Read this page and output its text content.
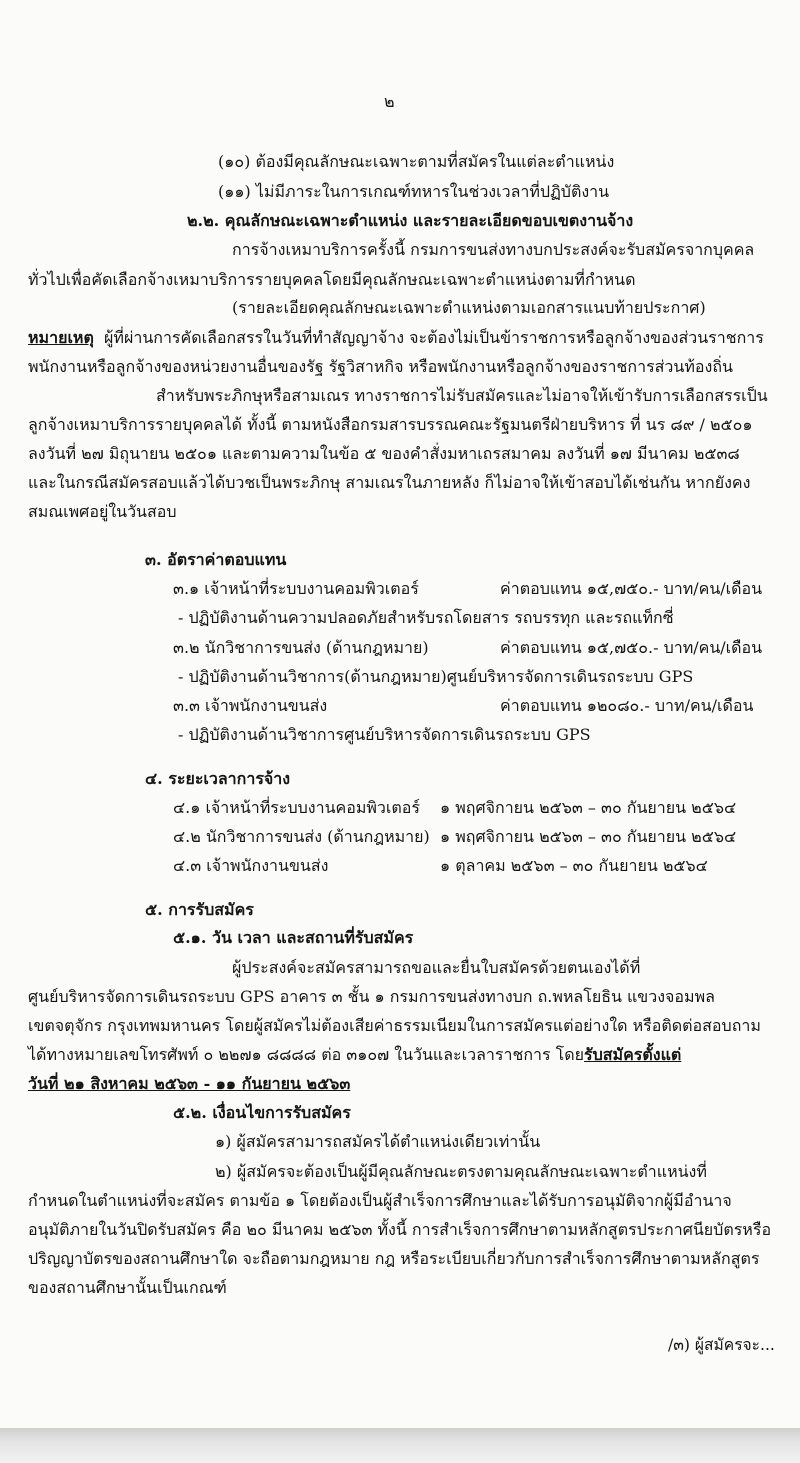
๒

(๑๐) ต้องมีคุณลักษณะเฉพาะตามที่สมัครในแต่ละตำแหน่ง

(๑๑) ไม่มีภาระในการเกณฑ์ทหารในช่วงเวลาที่ปฏิบัติงาน

๒.๒. คุณลักษณะเฉพาะตำแหน่ง และรายละเอียดขอบเขตงานจ้าง

การจ้างเหมาบริการครั้งนี้ กรมการขนส่งทางบกประสงค์จะรับสมัครจากบุคคล

ทั่วไปเพื่อคัดเลือกจ้างเหมาบริการรายบุคคลโดยมีคุณลักษณะเฉพาะตำแหน่งตามที่กำหนด

(รายละเอียดคุณลักษณะเฉพาะตำแหน่งตามเอกสารแนบท้ายประกาศ)

หมายเหตุ ผู้ที่ผ่านการคัดเลือกสรรในวันที่ทำสัญญาจ้าง จะต้องไม่เป็นข้าราชการหรือลูกจ้างของส่วนราชการ

พนักงานหรือลูกจ้างของหน่วยงานอื่นของรัฐ รัฐวิสาหกิจ หรือพนักงานหรือลูกจ้างของราชการส่วนท้องถิ่น

สำหรับพระภิกษุหรือสามเณร ทางราชการไม่รับสมัครและไม่อาจให้เข้ารับการเลือกสรรเป็น

ลูกจ้างเหมาบริการรายบุคคลได้ ทั้งนี้ ตามหนังสือกรมสารบรรณคณะรัฐมนตรีฝ่ายบริหาร ที่ นร ๘๙ / ๒๕๐๑

ลงวันที่ ๒๗ มิถุนายน ๒๕๐๑ และตามความในข้อ ๕ ของคำสั่งมหาเถรสมาคม ลงวันที่ ๑๗ มีนาคม ๒๕๓๘

และในกรณีสมัครสอบแล้วได้บวชเป็นพระภิกษุ สามเณรในภายหลัง ก็ไม่อาจให้เข้าสอบได้เช่นกัน หากยังคง

สมณเพศอยู่ในวันสอบ

๓. อัตราค่าตอบแทน

๓.๑ เจ้าหน้าที่ระบบงานคอมพิวเตอร์	ค่าตอบแทน ๑๕,๗๕๐.- บาท/คน/เดือน

- ปฏิบัติงานด้านความปลอดภัยสำหรับรถโดยสาร รถบรรทุก และรถแท็กซี่

๓.๒ นักวิชาการขนส่ง (ด้านกฎหมาย)	ค่าตอบแทน ๑๕,๗๕๐.- บาท/คน/เดือน

- ปฏิบัติงานด้านวิชาการ(ด้านกฎหมาย)ศูนย์บริหารจัดการเดินรถระบบ GPS

๓.๓ เจ้าพนักงานขนส่ง	ค่าตอบแทน ๑๒๐๘๐.- บาท/คน/เดือน

- ปฏิบัติงานด้านวิชาการศูนย์บริหารจัดการเดินรถระบบ GPS

๔. ระยะเวลาการจ้าง

๔.๑ เจ้าหน้าที่ระบบงานคอมพิวเตอร์ ๑ พฤศจิกายน ๒๕๖๓ – ๓๐ กันยายน ๒๕๖๔

๔.๒ นักวิชาการขนส่ง (ด้านกฎหมาย) ๑ พฤศจิกายน ๒๕๖๓ – ๓๐ กันยายน ๒๕๖๔

๔.๓ เจ้าพนักงานขนส่ง	๑ ตุลาคม ๒๕๖๓ – ๓๐ กันยายน ๒๕๖๔

๕. การรับสมัคร

๕.๑. วัน เวลา และสถานที่รับสมัคร

ผู้ประสงค์จะสมัครสามารถขอและยื่นใบสมัครด้วยตนเองได้ที่

ศูนย์บริหารจัดการเดินรถระบบ GPS อาคาร ๓ ชั้น ๑ กรมการขนส่งทางบก ถ.พหลโยธิน แขวงจอมพล

เขตจตุจักร กรุงเทพมหานคร โดยผู้สมัครไม่ต้องเสียค่าธรรมเนียมในการสมัครแต่อย่างใด หรือติดต่อสอบถาม

ได้ทางหมายเลขโทรศัพท์ ๐ ๒๒๗๑ ๘๘๘๘ ต่อ ๓๑๐๗ ในวันและเวลาราชการ โดยรับสมัครตั้งแต่

วันที่ ๒๑ สิงหาคม ๒๕๖๓ - ๑๑ กันยายน ๒๕๖๓

๕.๒. เงื่อนไขการรับสมัคร

๑) ผู้สมัครสามารถสมัครได้ตำแหน่งเดียวเท่านั้น

๒) ผู้สมัครจะต้องเป็นผู้มีคุณลักษณะตรงตามคุณลักษณะเฉพาะตำแหน่งที่

กำหนดในตำแหน่งที่จะสมัคร ตามข้อ ๑ โดยต้องเป็นผู้สำเร็จการศึกษาและได้รับการอนุมัติจากผู้มีอำนาจ

อนุมัติภายในวันปิดรับสมัคร คือ ๒๐ มีนาคม ๒๕๖๓ ทั้งนี้ การสำเร็จการศึกษาตามหลักสูตรประกาศนียบัตรหรือ

ปริญญาบัตรของสถานศึกษาใด จะถือตามกฎหมาย กฎ หรือระเบียบเกี่ยวกับการสำเร็จการศึกษาตามหลักสูตร

ของสถานศึกษานั้นเป็นเกณฑ์

/๓) ผู้สมัครจะ...
